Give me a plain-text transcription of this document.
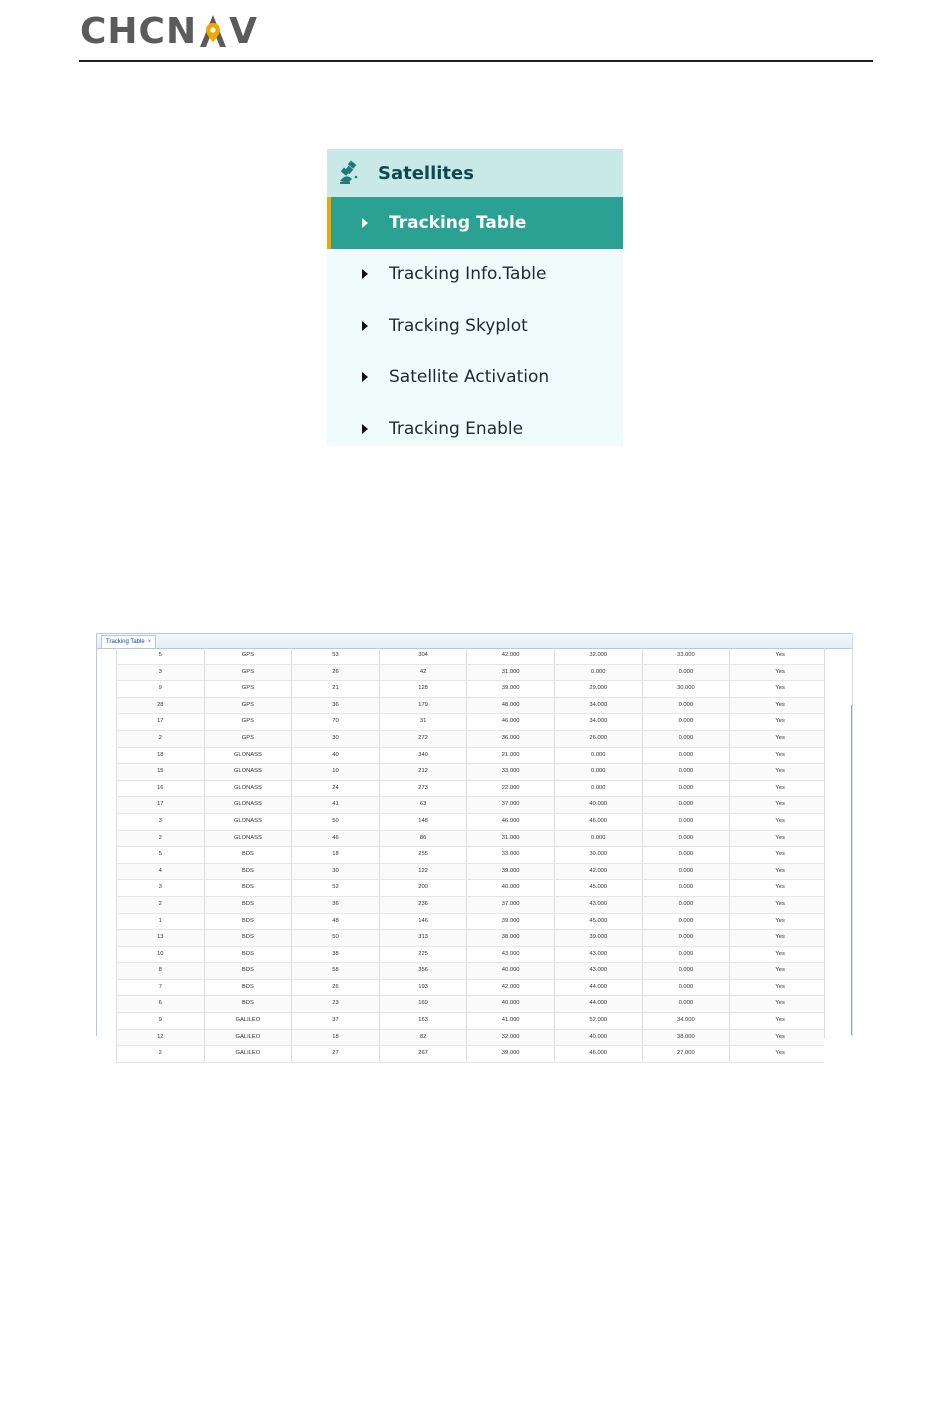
CHCN V
Satellites
Tracking Table
Tracking Info.Table
Tracking Skyplot
Satellite Activation
Tracking Enable
Tracking Table ×
5	GPS	53	304	42.000	32.000	33.000	Yes
3	GPS	26	42	31.000	0.000	0.000	Yes
9	GPS	21	128	39.000	29.000	30.000	Yes
28	GPS	36	179	48.000	34.000	0.000	Yes
17	GPS	70	31	46.000	34.000	0.000	Yes
2	GPS	30	272	36.000	26.000	0.000	Yes
18	GLONASS	40	340	21.000	0.000	0.000	Yes
15	GLONASS	10	212	33.000	0.000	0.000	Yes
16	GLONASS	24	273	22.000	0.000	0.000	Yes
17	GLONASS	41	63	37.000	40.000	0.000	Yes
3	GLONASS	50	148	46.000	46.000	0.000	Yes
2	GLONASS	46	86	31.000	0.000	0.000	Yes
5	BDS	18	255	33.000	30.000	0.000	Yes
4	BDS	30	122	39.000	42.000	0.000	Yes
3	BDS	52	200	40.000	45.000	0.000	Yes
2	BDS	36	236	37.000	43.000	0.000	Yes
1	BDS	48	146	39.000	45.000	0.000	Yes
13	BDS	50	313	38.000	39.000	0.000	Yes
10	BDS	38	225	43.000	43.000	0.000	Yes
8	BDS	58	356	40.000	43.000	0.000	Yes
7	BDS	26	193	42.000	44.000	0.000	Yes
6	BDS	23	169	40.000	44.000	0.000	Yes
9	GALILEO	37	163	41.000	52.000	34.000	Yes
12	GALILEO	18	82	32.000	40.000	38.000	Yes
2	GALILEO	27	267	39.000	46.000	27.000	Yes
